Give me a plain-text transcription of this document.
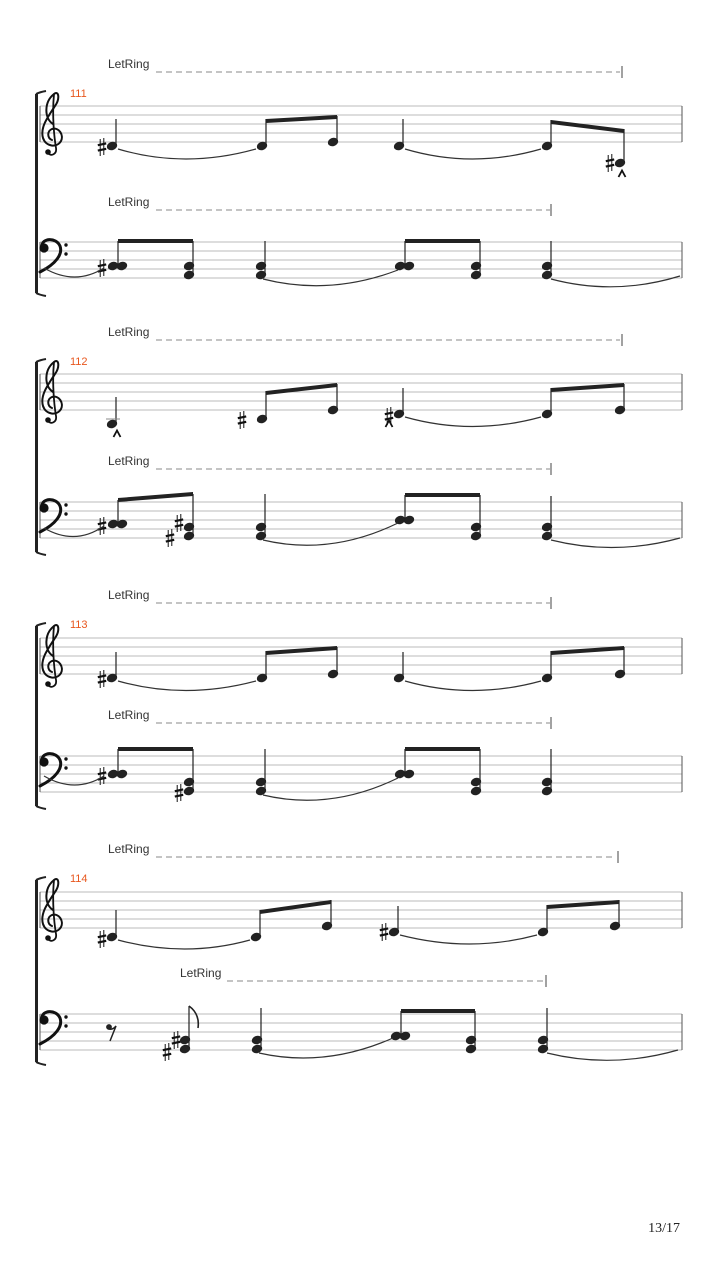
LetRing
111
LetRing
LetRing
112
LetRing
LetRing
113
LetRing
LetRing
114
LetRing
13/17
